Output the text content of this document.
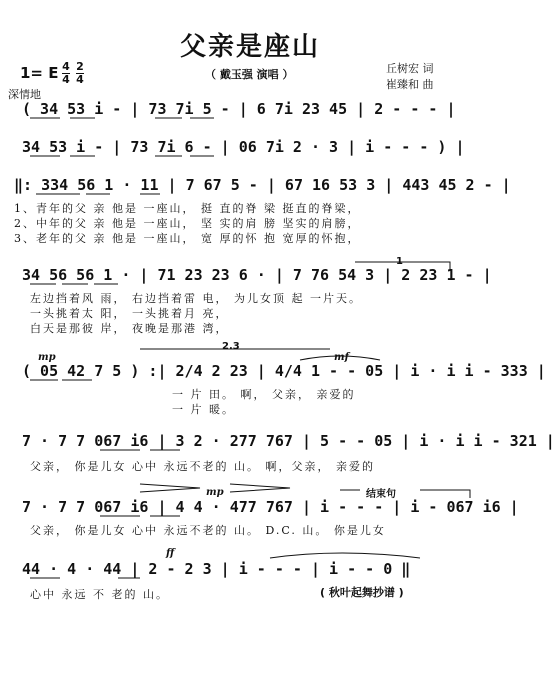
父亲是座山
1= E 4
4
2
4	（ 戴玉强 演唱 ）	丘树宏 词
崔臻和 曲
深情地
( 34 53 i - | 73 7i 5 - | 6 7i 23 45 | 2 - - - |
34 53 i - | 73 7i 6 - | 06 7i 2 · 3 | i - - - ) |
‖: 334 56 1 · 11 | 7 67 5 - | 67 16 53 3 | 443 45 2 - |
1、青年的父 亲 他是 一座山， 挺 直的脊 梁 挺直的脊梁，
2、中年的父 亲 他是 一座山， 坚 实的肩 膀 坚实的肩膀，
3、老年的父 亲 他是 一座山， 宽 厚的怀 抱 宽厚的怀抱，
34 56 56 1 · | 71 23 23 6 · | 7 76 54 3 | 2 23 1 - |
左边挡着风 雨， 右边挡着雷 电， 为儿女顶 起 一片天。
一头挑着太 阳， 一头挑着月 亮，
白天是那彼 岸， 夜晚是那港 湾，
( 05 42 7 5 ) :| 2/4 2 23 | 4/4 1 - - 05 | i · i i - 333 |
一 片 田。 啊， 父亲， 亲爱的
一 片 暖。
7 · 7 7 067 i6 | 3 2 · 277 767 | 5 - - 05 | i · i i - 321 |
父亲， 你是儿女 心中 永远不老的 山。 啊，父亲， 亲爱的
7 · 7 7 067 i6 | 4 4 · 477 767 | i - - - | i - 067 i6 |
父亲， 你是儿女 心中 永远不老的 山。 D.C. 山。 你是儿女
44 · 4 · 44 | 2 - 2 3 | i - - - | i - - 0 ‖
心中 永远 不 老的 山。	( 秋叶起舞抄谱 )
mp	mf
mp
ff
1
2.3
结束句
